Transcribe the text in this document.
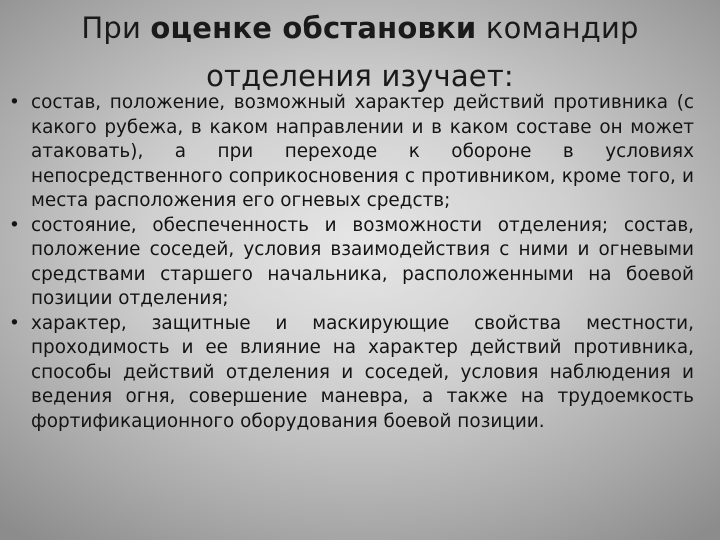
При оценке обстановки командир отделения изучает:
• состав, положение, возможный характер действий противника (с какого рубежа, в каком направлении и в каком составе он может атаковать), а при переходе к обороне в условиях непосредственного соприкосновения с противником, кроме того, и места расположения его огневых средств;
• состояние, обеспеченность и возможности отделения; состав, положение соседей, условия взаимодействия с ними и огневыми средствами старшего начальника, расположенными на боевой позиции отделения;
• характер, защитные и маскирующие свойства местности, проходимость и ее влияние на характер действий противника, способы действий отделения и соседей, условия наблюдения и ведения огня, совершение маневра, а также на трудоемкость фортификационного оборудования боевой позиции.
